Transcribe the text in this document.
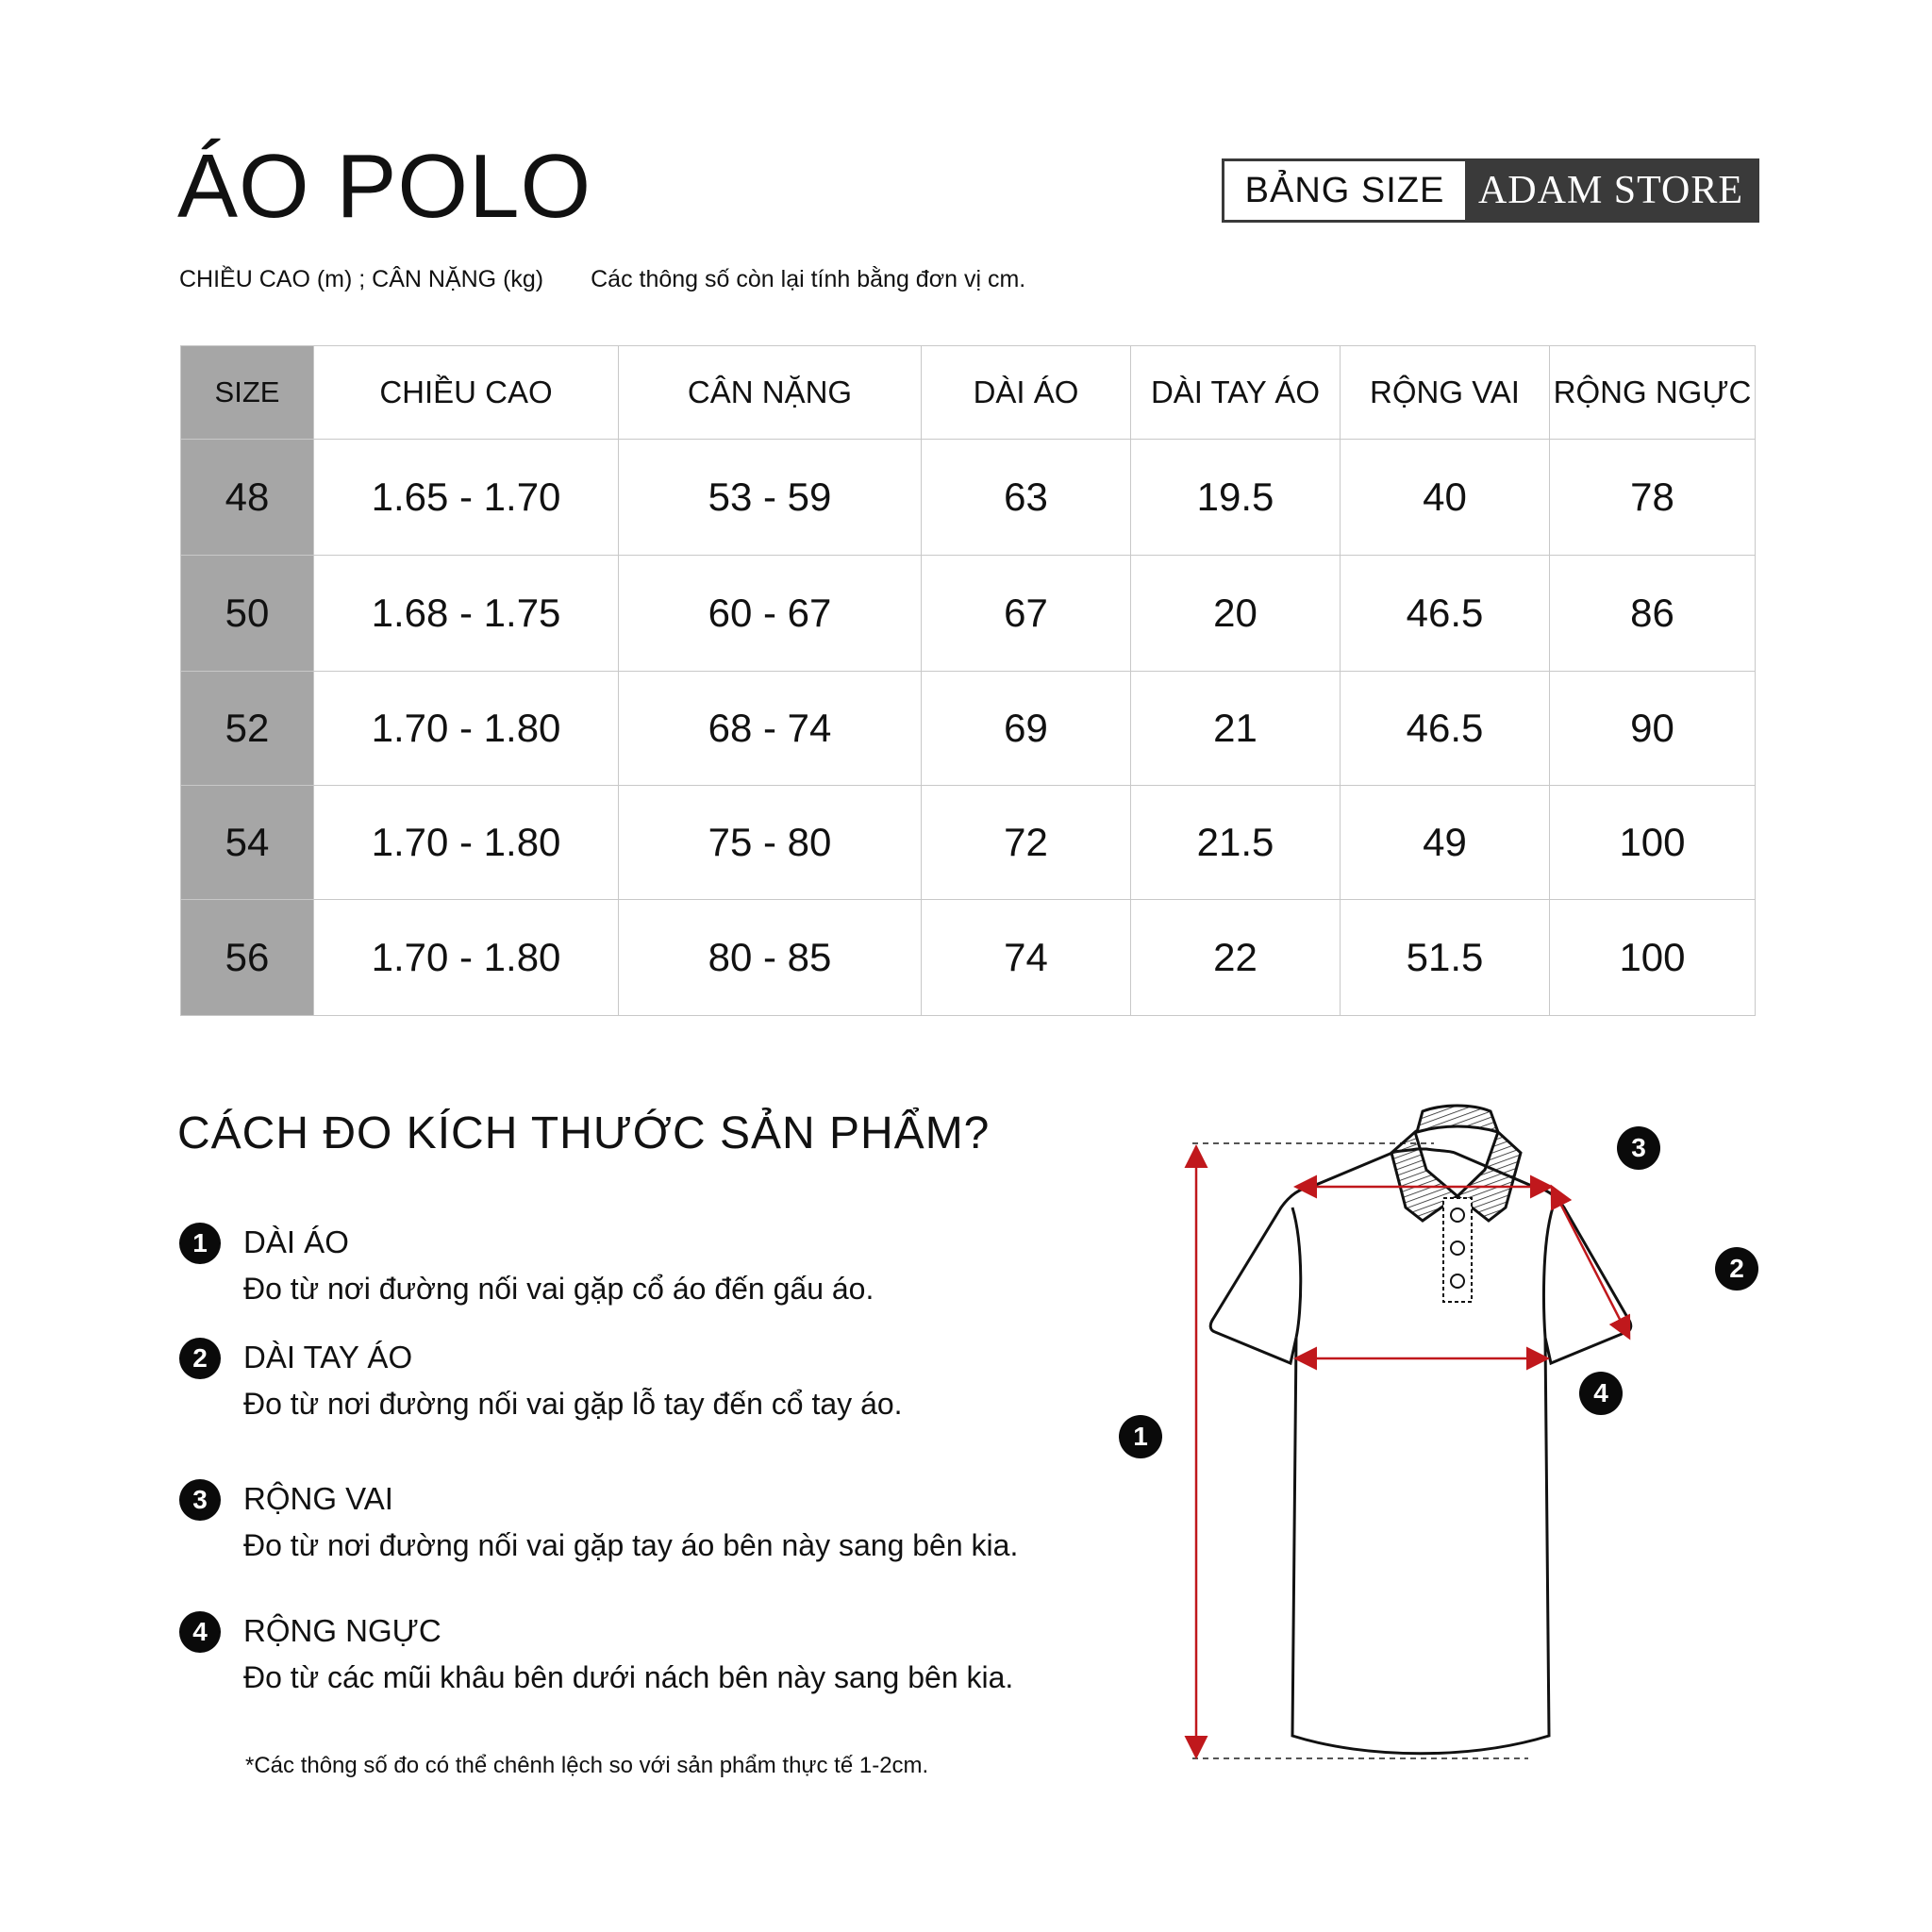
ÁO POLO
CHIỀU CAO (m) ; CÂN NẶNG (kg) Các thông số còn lại tính bằng đơn vị cm.
BẢNG SIZE ADAM STORE
SIZE	CHIỀU CAO	CÂN NẶNG	DÀI ÁO	DÀI TAY ÁO	RỘNG VAI	RỘNG NGỰC
48	1.65 - 1.70	53 - 59	63	19.5	40	78
50	1.68 - 1.75	60 - 67	67	20	46.5	86
52	1.70 - 1.80	68 - 74	69	21	46.5	90
54	1.70 - 1.80	75 - 80	72	21.5	49	100
56	1.70 - 1.80	80 - 85	74	22	51.5	100
CÁCH ĐO KÍCH THƯỚC SẢN PHẨM?
1	DÀI ÁO
Đo từ nơi đường nối vai gặp cổ áo đến gấu áo.
2	DÀI TAY ÁO
Đo từ nơi đường nối vai gặp lỗ tay đến cổ tay áo.
3	RỘNG VAI
Đo từ nơi đường nối vai gặp tay áo bên này sang bên kia.
4	RỘNG NGỰC
Đo từ các mũi khâu bên dưới nách bên này sang bên kia.
*Các thông số đo có thể chênh lệch so với sản phẩm thực tế 1-2cm.
1
2
3
4
